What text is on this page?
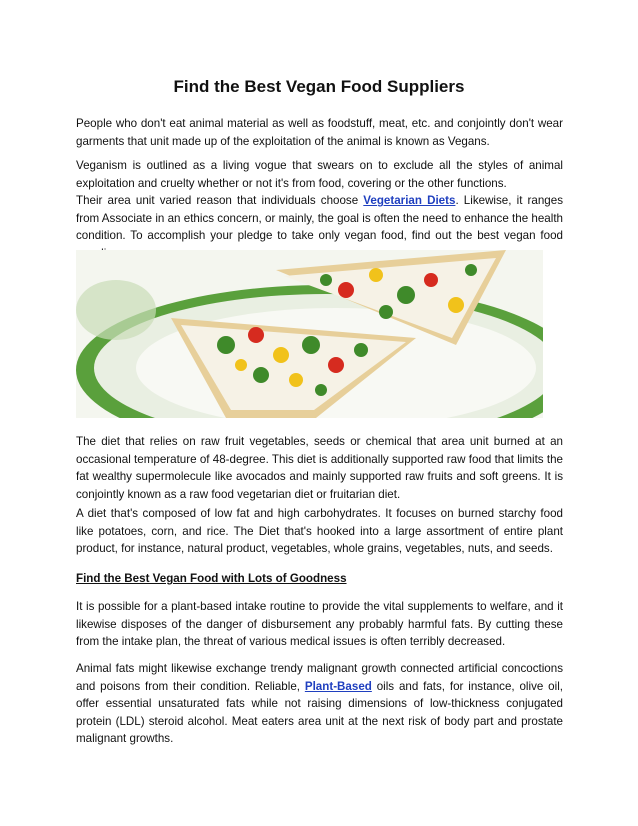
Find the Best Vegan Food Suppliers

People who don't eat animal material as well as foodstuff, meat, etc. and conjointly don't wear garments that unit made up of the exploitation of the animal is known as Vegans.

Veganism is outlined as a living vogue that swears on to exclude all the styles of animal exploitation and cruelty whether or not it's from food, covering or the other functions.
Their area unit varied reason that individuals choose Vegetarian Diets. Likewise, it ranges from Associate in an ethics concern, or mainly, the goal is often the need to enhance the health condition. To accomplish your pledge to take only vegan food, find out the best vegan food

The diet that relies on raw fruit vegetables, seeds or chemical that area unit burned at an occasional temperature of 48-degree. This diet is additionally supported raw food that limits the fat wealthy supermolecule like avocados and mainly supported raw fruits and soft greens. It is conjointly known as a raw food vegetarian diet or fruitarian diet.

A diet that's composed of low fat and high carbohydrates. It focuses on burned starchy food like potatoes, corn, and rice. The Diet that's hooked into a large assortment of entire plant product, for instance, natural product, vegetables, whole grains, vegetables, nuts, and seeds.

Find the Best Vegan Food with Lots of Goodness

It is possible for a plant-based intake routine to provide the vital supplements to welfare, and it likewise disposes of the danger of disbursement any probably harmful fats. By cutting these from the intake plan, the threat of various medical issues is often terribly decreased.

Animal fats might likewise exchange trendy malignant growth connected artificial concoctions and poisons from their condition. Reliable, Plant-Based oils and fats, for instance, olive oil, offer essential unsaturated fats while not raising dimensions of low-thickness conjugated protein (LDL) steroid alcohol. Meat eaters area unit at the next risk of body part and prostate malignant growths.
